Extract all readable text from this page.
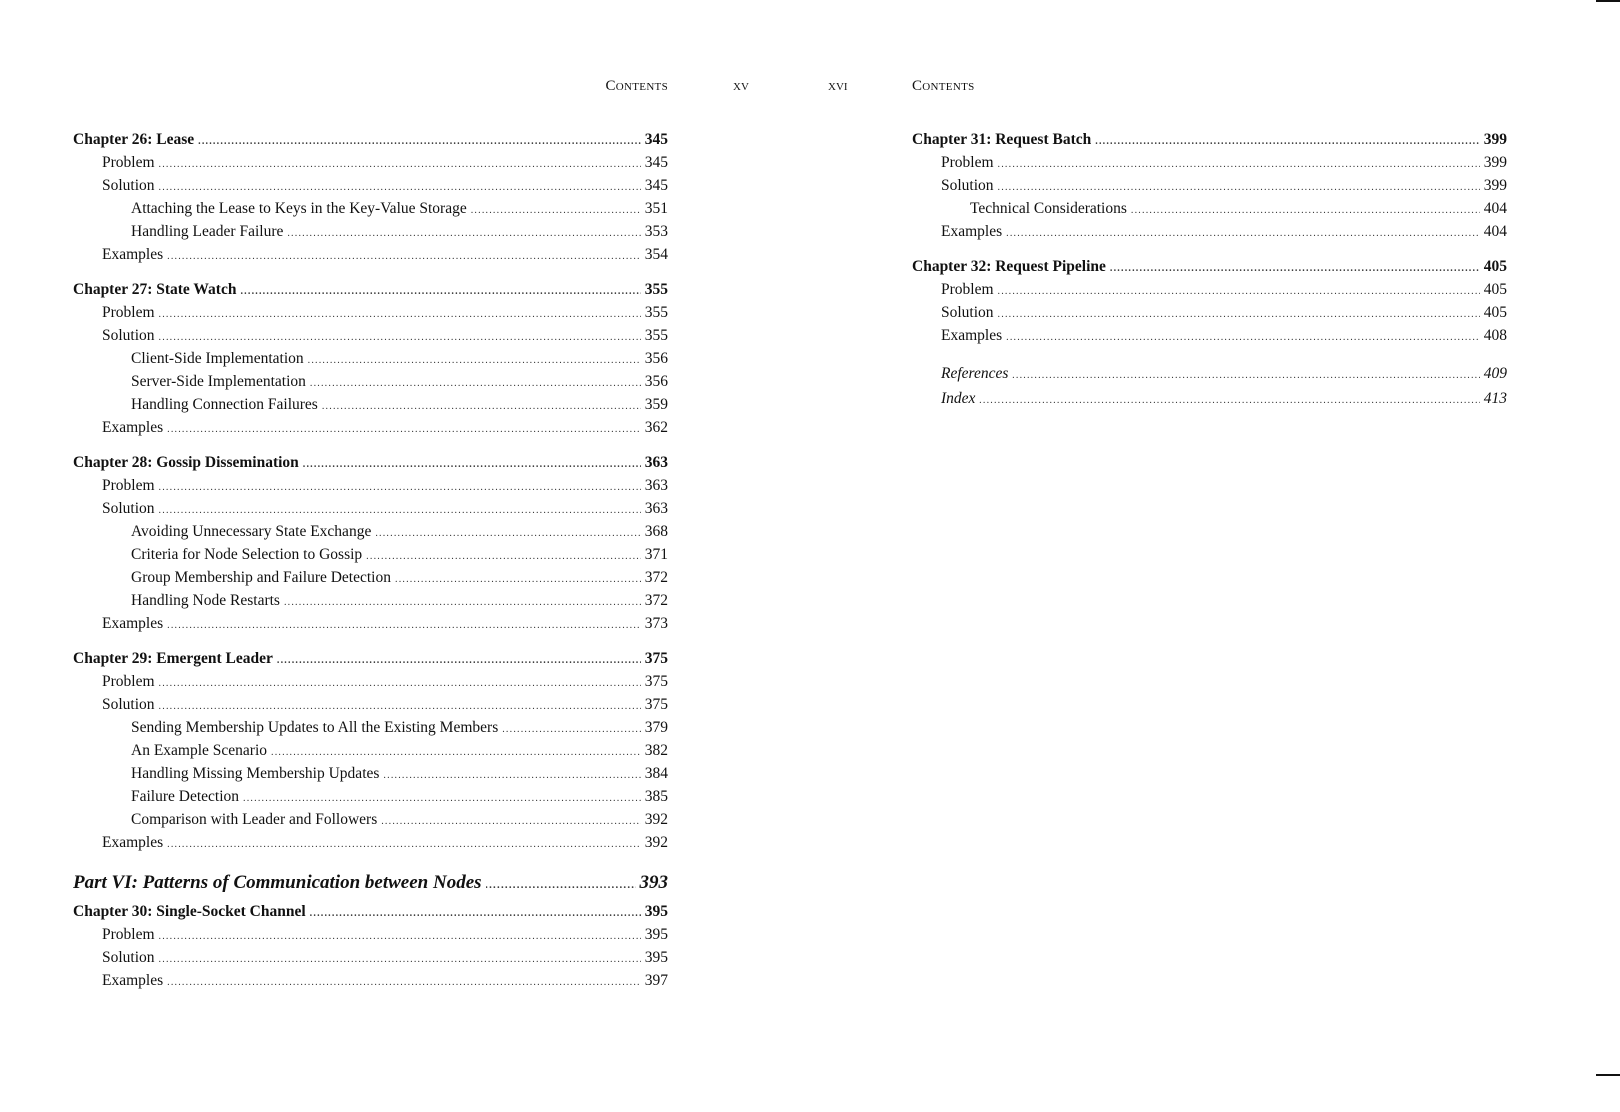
Contents	xv
Chapter 26: Lease .....	345
Problem .....	345
Solution .....	345
Attaching the Lease to Keys in the Key-Value Storage .....	351
Handling Leader Failure .....	353
Examples .....	354
Chapter 27: State Watch .....	355
Problem .....	355
Solution .....	355
Client-Side Implementation .....	356
Server-Side Implementation .....	356
Handling Connection Failures .....	359
Examples .....	362
Chapter 28: Gossip Dissemination .....	363
Problem .....	363
Solution .....	363
Avoiding Unnecessary State Exchange .....	368
Criteria for Node Selection to Gossip .....	371
Group Membership and Failure Detection .....	372
Handling Node Restarts .....	372
Examples .....	373
Chapter 29: Emergent Leader .....	375
Problem .....	375
Solution .....	375
Sending Membership Updates to All the Existing Members .....	379
An Example Scenario .....	382
Handling Missing Membership Updates .....	384
Failure Detection .....	385
Comparison with Leader and Followers .....	392
Examples .....	392
Part VI: Patterns of Communication between Nodes .....	393
Chapter 30: Single-Socket Channel .....	395
Problem .....	395
Solution .....	395
Examples .....	397
xvi	Contents
Chapter 31: Request Batch .....	399
Problem .....	399
Solution .....	399
Technical Considerations .....	404
Examples .....	404
Chapter 32: Request Pipeline .....	405
Problem .....	405
Solution .....	405
Examples .....	408
References .....	409
Index .....	413
